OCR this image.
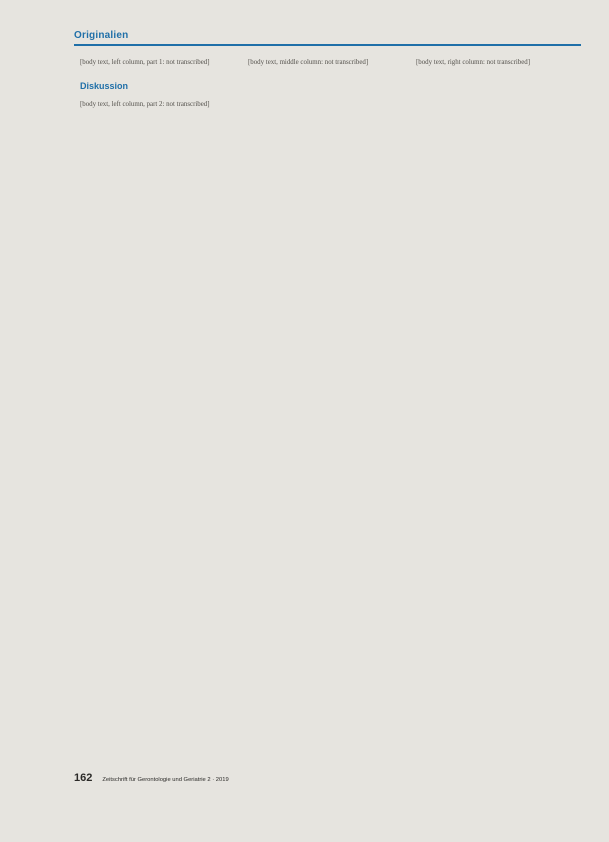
Originalien

[body text, left column, part 1: not transcribed]

Diskussion

[body text, left column, part 2: not transcribed]

[body text, middle column: not transcribed]	[body text, right column: not transcribed]

162 Zeitschrift für Gerontologie und Geriatrie 2 · 2019
